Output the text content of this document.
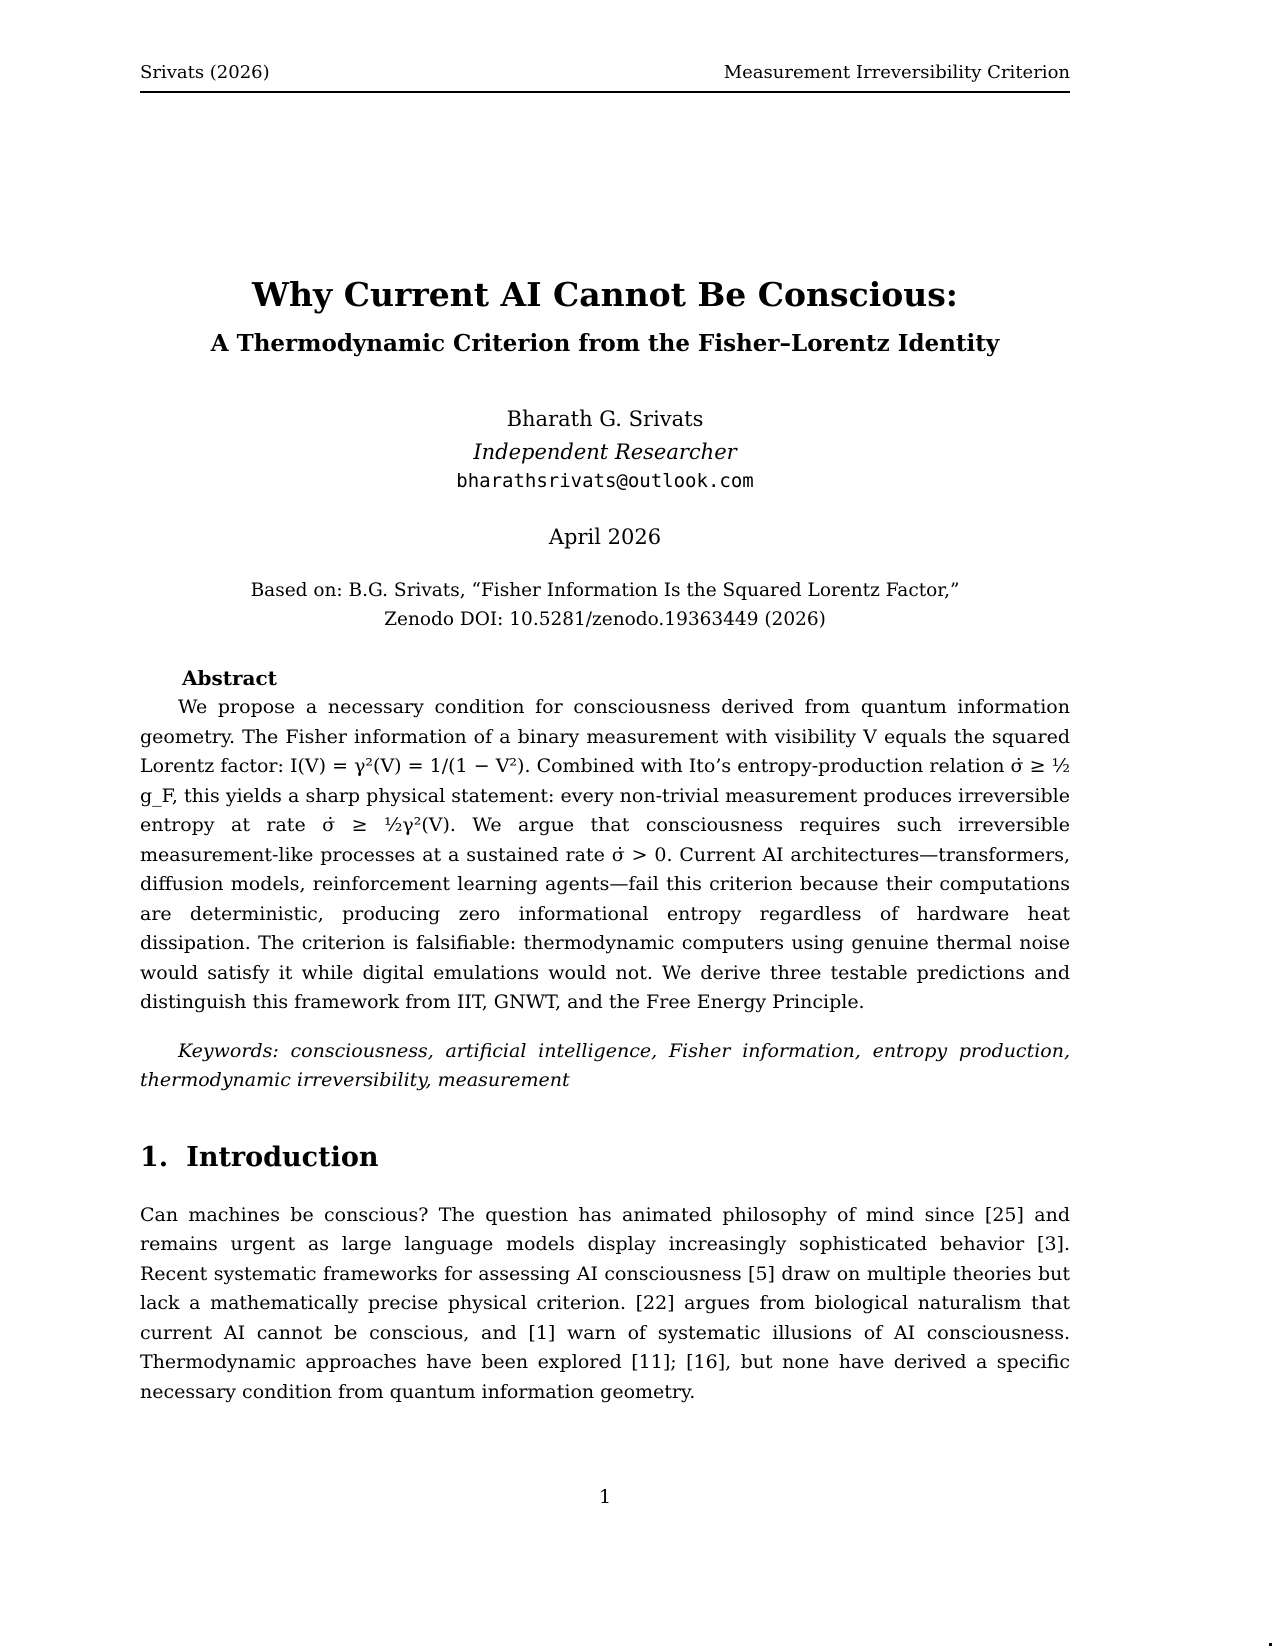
Srivats (2026)	Measurement Irreversibility Criterion
Why Current AI Cannot Be Conscious:
A Thermodynamic Criterion from the Fisher–Lorentz Identity
Bharath G. Srivats
Independent Researcher
bharathsrivats@outlook.com
April 2026
Based on: B.G. Srivats, “Fisher Information Is the Squared Lorentz Factor,”
Zenodo DOI: 10.5281/zenodo.19363449 (2026)
Abstract

We propose a necessary condition for consciousness derived from quantum information geometry. The Fisher information of a binary measurement with visibility V equals the squared Lorentz factor: I(V) = γ²(V) = 1/(1 − V²). Combined with Ito’s entropy-production relation σ̇ ≥ ½ g_F, this yields a sharp physical statement: every non-trivial measurement produces irreversible entropy at rate σ̇ ≥ ½γ²(V). We argue that consciousness requires such irreversible measurement-like processes at a sustained rate σ̇ > 0. Current AI architectures—transformers, diffusion models, reinforcement learning agents—fail this criterion because their computations are deterministic, producing zero informational entropy regardless of hardware heat dissipation. The criterion is falsifiable: thermodynamic computers using genuine thermal noise would satisfy it while digital emulations would not. We derive three testable predictions and distinguish this framework from IIT, GNWT, and the Free Energy Principle.

Keywords: consciousness, artificial intelligence, Fisher information, entropy production, thermodynamic irreversibility, measurement

1. Introduction

Can machines be conscious? The question has animated philosophy of mind since [25] and remains urgent as large language models display increasingly sophisticated behavior [3]. Recent systematic frameworks for assessing AI consciousness [5] draw on multiple theories but lack a mathematically precise physical criterion. [22] argues from biological naturalism that current AI cannot be conscious, and [1] warn of systematic illusions of AI consciousness. Thermodynamic approaches have been explored [11]; [16], but none have derived a specific necessary condition from quantum information geometry.

1
